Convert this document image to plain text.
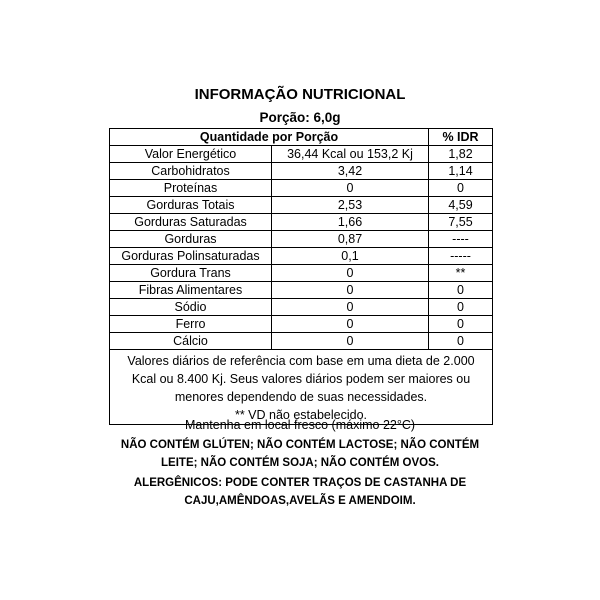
INFORMAÇÃO NUTRICIONAL
Porção: 6,0g
Quantidade por Porção		% IDR
Valor Energético	36,44 Kcal ou 153,2 Kj	1,82
Carbohidratos	3,42	1,14
Proteínas	0	0
Gorduras Totais	2,53	4,59
Gorduras Saturadas	1,66	7,55
Gorduras	0,87	----
Gorduras Polinsaturadas	0,1	-----
Gordura Trans	0	**
Fibras Alimentares	0	0
Sódio	0	0
Ferro	0	0
Cálcio	0	0

Valores diários de referência com base em uma dieta de 2.000
Kcal ou 8.400 Kj. Seus valores diários podem ser maiores ou
menores dependendo de suas necessidades.
** VD não estabelecido.		
Mantenha em local fresco (máximo 22°C)
NÃO CONTÉM GLÚTEN; NÃO CONTÉM LACTOSE; NÃO CONTÉM
LEITE; NÃO CONTÉM SOJA; NÃO CONTÉM OVOS.
ALERGÊNICOS: PODE CONTER TRAÇOS DE CASTANHA DE
CAJU,AMÊNDOAS,AVELÃS E AMENDOIM.
